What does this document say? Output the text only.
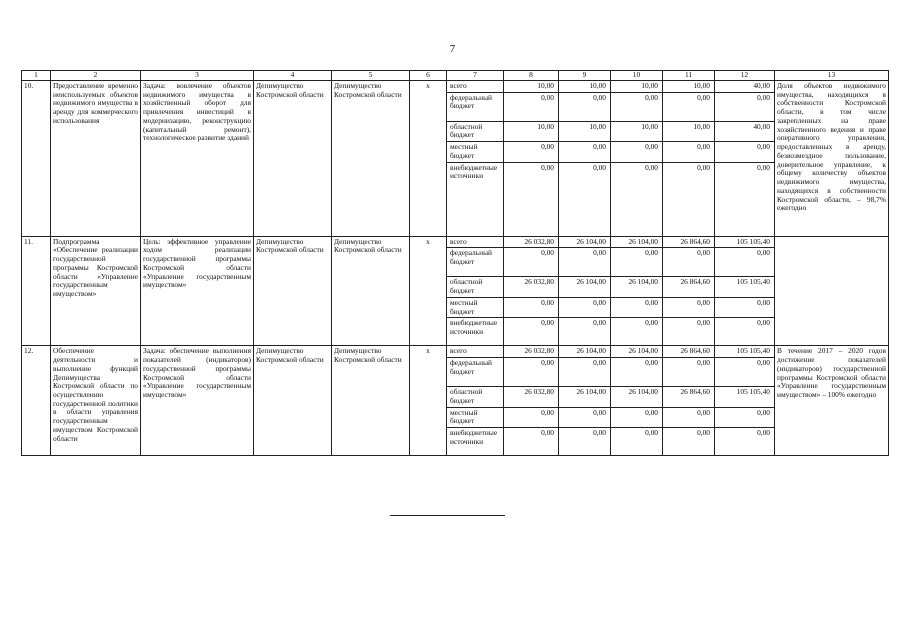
7
1	2	3	4	5	6	7	8	9	10	11	12	13
10.	Предоставление временно неиспользуемых объектов недвижимого имущества в аренду для коммерческого использования	Задача: вовлечение объектов недвижимого имущества в хозяйственный оборот для привлечения инвестиций в модернизацию, реконструкцию (капитальный ремонт), технологическое развитие зданий	Депимущество Костромской области	Депимущество Костромской области	х	всего	10,00	10,00	10,00	10,00	40,00	Доля объектов недвижимого имущества, находящихся в собственности Костромской области, в том числе закрепленных на праве хозяйственного ведения и праве оперативного управления, предоставленных в аренду, безвозмездное пользование, доверительное управление, к общему количеству объектов недвижимого имущества, находящихся в собственности Костромской области, – 98,7% ежегодно
						федеральный бюджет	0,00	0,00	0,00	0,00	0,00	
						областной бюджет	10,00	10,00	10,00	10,00	40,00	
						местный бюджет	0,00	0,00	0,00	0,00	0,00	
						внебюджетные источники	0,00	0,00	0,00	0,00	0,00	
11.	Подпрограмма «Обеспечение реализации государственной программы Костромской области «Управление государственным имуществом»	Цель: эффективное управление ходом реализации государственной программы Костромской области «Управление государственным имуществом»	Депимущество Костромской области	Депимущество Костромской области	х	всего	26 032,80	26 104,00	26 104,00	26 864,60	105 105,40	
						федеральный бюджет	0,00	0,00	0,00	0,00	0,00	
						областной бюджет	26 032,80	26 104,00	26 104,00	26 864,60	105 105,40	
						местный бюджет	0,00	0,00	0,00	0,00	0,00	
						внебюджетные источники	0,00	0,00	0,00	0,00	0,00	
12.	Обеспечение деятельности и выполнение функций Депимущества Костромской области по осуществлению государственной политики в области управления государственным имуществом Костромской области	Задача: обеспечение выполнения показателей (индикаторов) государственной программы Костромской области «Управление государственным имуществом»	Депимущество Костромской области	Депимущество Костромской области	х	всего	26 032,80	26 104,00	26 104,00	26 864,60	105 105,40	В течение 2017 – 2020 годов достижение показателей (индикаторов) государственной программы Костромской области «Управление государственным имуществом» – 100% ежегодно
						федеральный бюджет	0,00	0,00	0,00	0,00	0,00	
						областной бюджет	26 032,80	26 104,00	26 104,00	26 864,60	105 105,40	
						местный бюджет	0,00	0,00	0,00	0,00	0,00	
						внебюджетные источники	0,00	0,00	0,00	0,00	0,00	
